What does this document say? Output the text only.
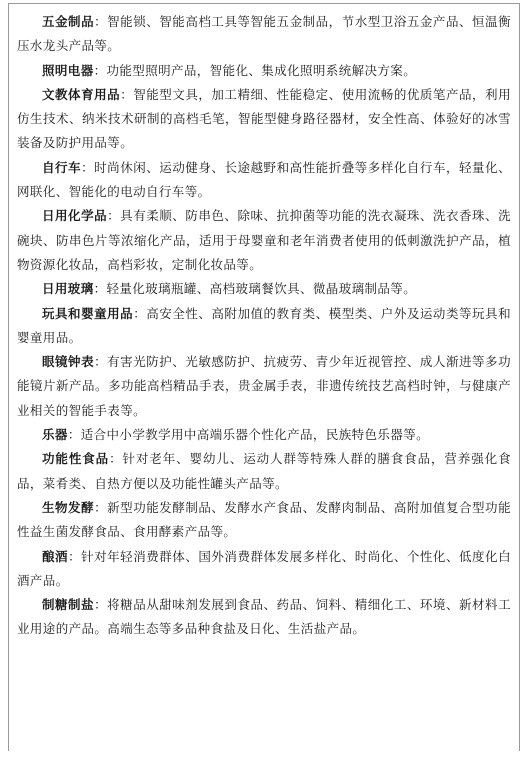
五金制品：智能锁、智能高档工具等智能五金制品，节水型卫浴五金产品、恒温衡压水龙头产品等。

照明电器：功能型照明产品，智能化、集成化照明系统解决方案。

文教体育用品：智能型文具，加工精细、性能稳定、使用流畅的优质笔产品，利用仿生技术、纳米技术研制的高档毛笔，智能型健身路径器材，安全性高、体验好的冰雪装备及防护用品等。

自行车：时尚休闲、运动健身、长途越野和高性能折叠等多样化自行车，轻量化、网联化、智能化的电动自行车等。

日用化学品：具有柔顺、防串色、除味、抗抑菌等功能的洗衣凝珠、洗衣香珠、洗碗块、防串色片等浓缩化产品，适用于母婴童和老年消费者使用的低刺激洗护产品，植物资源化妆品，高档彩妆，定制化妆品等。

日用玻璃：轻量化玻璃瓶罐、高档玻璃餐饮具、微晶玻璃制品等。

玩具和婴童用品：高安全性、高附加值的教育类、模型类、户外及运动类等玩具和婴童用品。

眼镜钟表：有害光防护、光敏感防护、抗疲劳、青少年近视管控、成人渐进等多功能镜片新产品。多功能高档精品手表，贵金属手表，非遗传统技艺高档时钟，与健康产业相关的智能手表等。

乐器：适合中小学教学用中高端乐器个性化产品，民族特色乐器等。

功能性食品：针对老年、婴幼儿、运动人群等特殊人群的膳食食品，营养强化食品，菜肴类、自热方便以及功能性罐头产品等。

生物发酵：新型功能发酵制品、发酵水产食品、发酵肉制品、高附加值复合型功能性益生菌发酵食品、食用酵素产品等。

酿酒：针对年轻消费群体、国外消费群体发展多样化、时尚化、个性化、低度化白酒产品。

制糖制盐：将糖品从甜味剂发展到食品、药品、饲料、精细化工、环境、新材料工业用途的产品。高端生态等多品种食盐及日化、生活盐产品。
